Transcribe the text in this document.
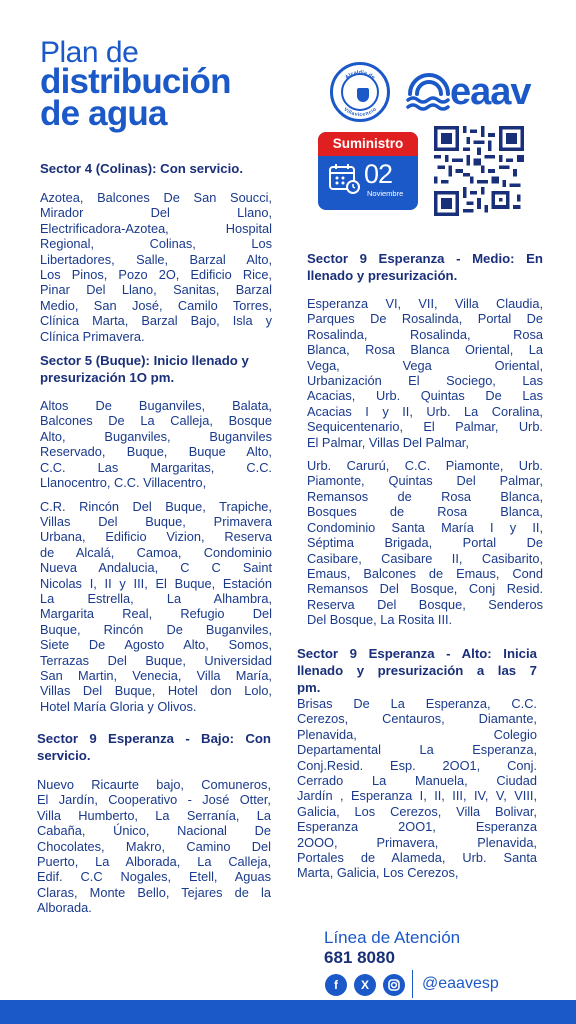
Plan de
distribución
de agua
Alcaldía de
Villavicencio eaav
Suministro
02
Noviembre
Sector 4 (Colinas): Con servicio.
Azotea, Balcones De San Soucci,
Mirador Del Llano,
Electrificadora-Azotea, Hospital
Regional, Colinas, Los
Libertadores, Salle, Barzal Alto,
Los Pinos, Pozo 2O, Edificio Rice,
Pinar Del Llano, Sanitas, Barzal
Medio, San José, Camilo Torres,
Clínica Marta, Barzal Bajo, Isla y
Clínica Primavera.
Sector 5 (Buque): Inicio llenado y
presurización 1O pm.
Altos De Buganviles, Balata,
Balcones De La Calleja, Bosque
Alto, Buganviles, Buganviles
Reservado, Buque, Buque Alto,
C.C. Las Margaritas, C.C.
Llanocentro, C.C. Villacentro,
C.R. Rincón Del Buque, Trapiche,
Villas Del Buque, Primavera
Urbana, Edificio Vizion, Reserva
de Alcalá, Camoa, Condominio
Nueva Andalucia, C C Saint
Nicolas I, II y III, El Buque, Estación
La Estrella, La Alhambra,
Margarita Real, Refugio Del
Buque, Rincón De Buganviles,
Siete De Agosto Alto, Somos,
Terrazas Del Buque, Universidad
San Martin, Venecia, Villa María,
Villas Del Buque, Hotel don Lolo,
Hotel María Gloria y Olivos.
Sector 9 Esperanza - Bajo: Con
servicio.
Nuevo Ricaurte bajo, Comuneros,
El Jardín, Cooperativo - José Otter,
Villa Humberto, La Serranía, La
Cabaña, Único, Nacional De
Chocolates, Makro, Camino Del
Puerto, La Alborada, La Calleja,
Edif. C.C Nogales, Etell, Aguas
Claras, Monte Bello, Tejares de la
Alborada.
Sector 9 Esperanza - Medio: En
llenado y presurización.
Esperanza VI, VII, Villa Claudia,
Parques De Rosalinda, Portal De
Rosalinda, Rosalinda, Rosa
Blanca, Rosa Blanca Oriental, La
Vega, Vega Oriental,
Urbanización El Sociego, Las
Acacias, Urb. Quintas De Las
Acacias I y II, Urb. La Coralina,
Sequicentenario, El Palmar, Urb.
El Palmar, Villas Del Palmar,
Urb. Carurú, C.C. Piamonte, Urb.
Piamonte, Quintas Del Palmar,
Remansos de Rosa Blanca,
Bosques de Rosa Blanca,
Condominio Santa María I y II,
Séptima Brigada, Portal De
Casibare, Casibare II, Casibarito,
Emaus, Balcones de Emaus, Cond
Remansos Del Bosque, Conj Resid.
Reserva Del Bosque, Senderos
Del Bosque, La Rosita III.
Sector 9 Esperanza - Alto: Inicia
llenado y presurización a las 7
pm.
Brisas De La Esperanza, C.C.
Cerezos, Centauros, Diamante,
Plenavida, Colegio
Departamental La Esperanza,
Conj.Resid. Esp. 2OO1, Conj.
Cerrado La Manuela, Ciudad
Jardín , Esperanza I, II, III, IV, V, VIII,
Galicia, Los Cerezos, Villa Bolivar,
Esperanza 2OO1, Esperanza
2OOO, Primavera, Plenavida,
Portales de Alameda, Urb. Santa
Marta, Galicia, Los Cerezos,
Línea de Atención
681 8080
f	X	@eaavesp
